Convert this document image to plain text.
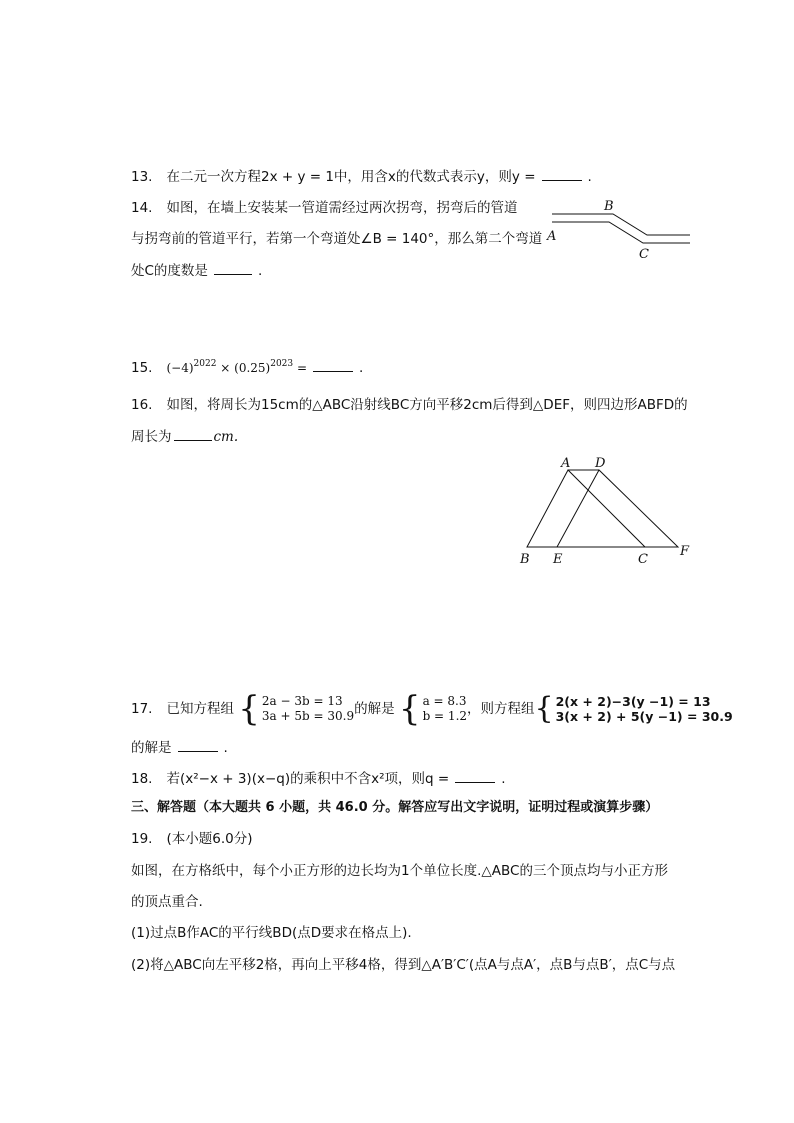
13. 在二元一次方程2x + y = 1中，用含x的代数式表示y，则y =	.
14. 如图，在墙上安装某一管道需经过两次拐弯，拐弯后的管道
与拐弯前的管道平行，若第一个弯道处∠B = 140°，那么第二个弯道
处C的度数是	.
A
B
C
15. $(-4)^{2022} \times (0.25)^{2023}$ =	.
16. 如图，将周长为15cm的△ABC沿射线BC方向平移2cm后得到△DEF，则四边形ABFD的
周长为	cm.
A D
B E	C
F
17. 已知方程组 { 2a − 3b = 13
3a + 5b = 30.9 的解是 { a = 8.3
b = 1.2 ，则方程组 { 2(x + 2)−3(y −1) = 13
3(x + 2) + 5(y −1) = 30.9
的解是	.
18. 若(x²−x + 3)(x−q)的乘积中不含x²项，则q =	.
三、解答题（本大题共 6 小题，共 46.0 分。解答应写出文字说明，证明过程或演算步骤）
19. (本小题6.0分)
如图，在方格纸中，每个小正方形的边长均为1个单位长度.△ABC的三个顶点均与小正方形
的顶点重合.
(1)过点B作AC的平行线BD(点D要求在格点上).
(2)将△ABC向左平移2格，再向上平移4格，得到△A′B′C′(点A与点A′，点B与点B′，点C与点
